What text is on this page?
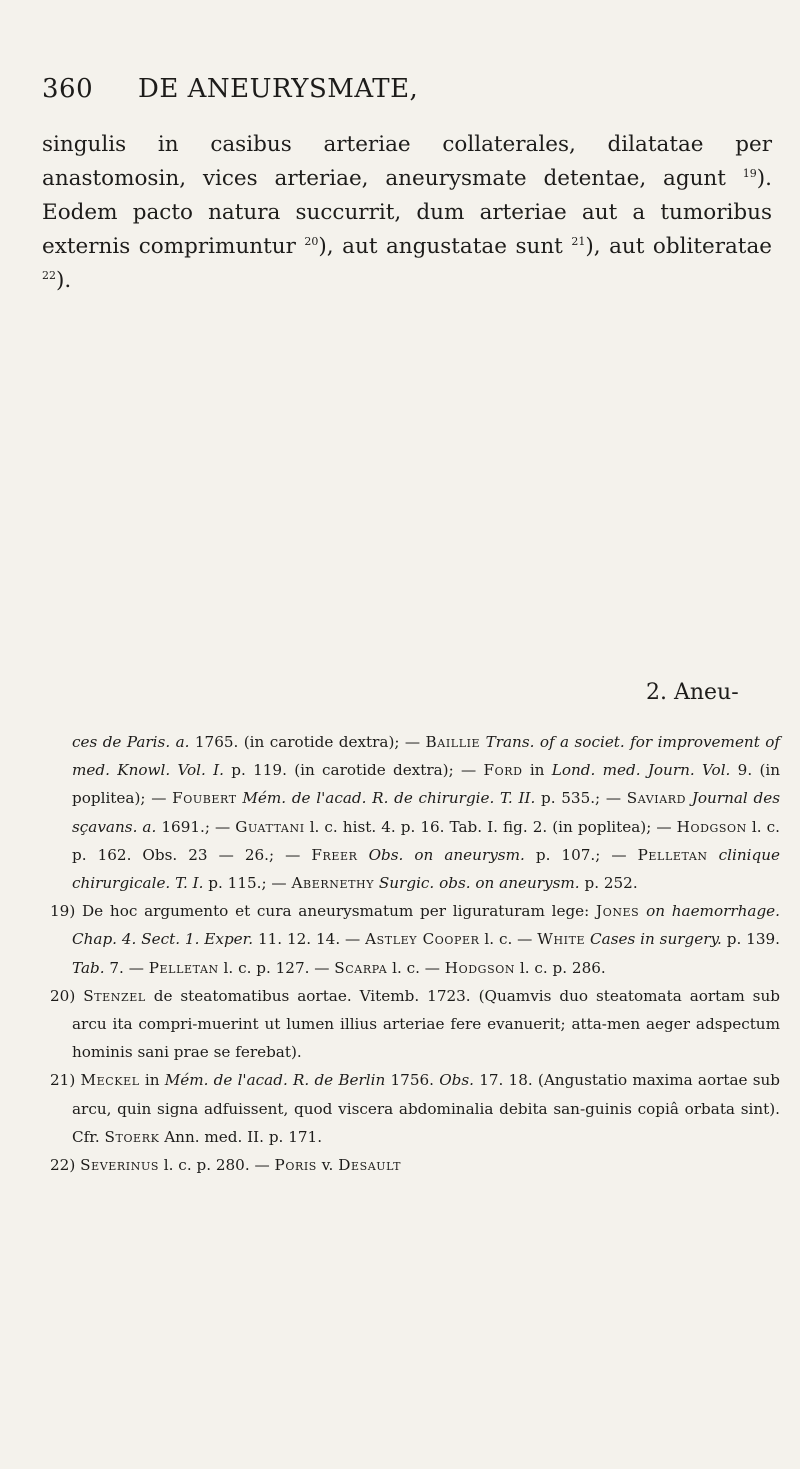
360 DE ANEURYSMATE,

singulis in casibus arteriae collaterales, dilatatae per anastomosin, vices arteriae, aneurysmate detentae, agunt $^{19}$). Eodem pacto natura succurrit, dum arteriae aut a tumoribus externis comprimuntur $^{20}$), aut angustatae sunt $^{21}$), aut obliteratae $^{22}$).

2. Aneu-

ces de Paris. a. 1765. (in carotide dextra); — Baillie Trans. of a societ. for improvement of med. Knowl. Vol. I. p. 119. (in carotide dextra); — Ford in Lond. med. Journ. Vol. 9. (in poplitea); — Foubert Mém. de l'acad. R. de chirurgie. T. II. p. 535.; — Saviard Journal des sçavans. a. 1691.; — Guattani l. c. hist. 4. p. 16. Tab. I. fig. 2. (in poplitea); — Hodgson l. c. p. 162. Obs. 23 — 26.; — Freer Obs. on aneurysm. p. 107.; — Pelletan clinique chirurgicale. T. I. p. 115.; — Abernethy Surgic. obs. on aneurysm. p. 252.

19) De hoc argumento et cura aneurysmatum per liguraturam lege: Jones on haemorrhage. Chap. 4. Sect. 1. Exper. 11. 12. 14. — Astley Cooper l. c. — White Cases in surgery. p. 139. Tab. 7. — Pelletan l. c. p. 127. — Scarpa l. c. — Hodgson l. c. p. 286.

20) Stenzel de steatomatibus aortae. Vitemb. 1723. (Quamvis duo steatomata aortam sub arcu ita compri-muerint ut lumen illius arteriae fere evanuerit; atta-men aeger adspectum hominis sani prae se ferebat).

21) Meckel in Mém. de l'acad. R. de Berlin 1756. Obs. 17. 18. (Angustatio maxima aortae sub arcu, quin signa adfuissent, quod viscera abdominalia debita san-guinis copiâ orbata sint). Cfr. Stoerk Ann. med. II. p. 171.

22) Severinus l. c. p. 280. — Poris v. Desault
